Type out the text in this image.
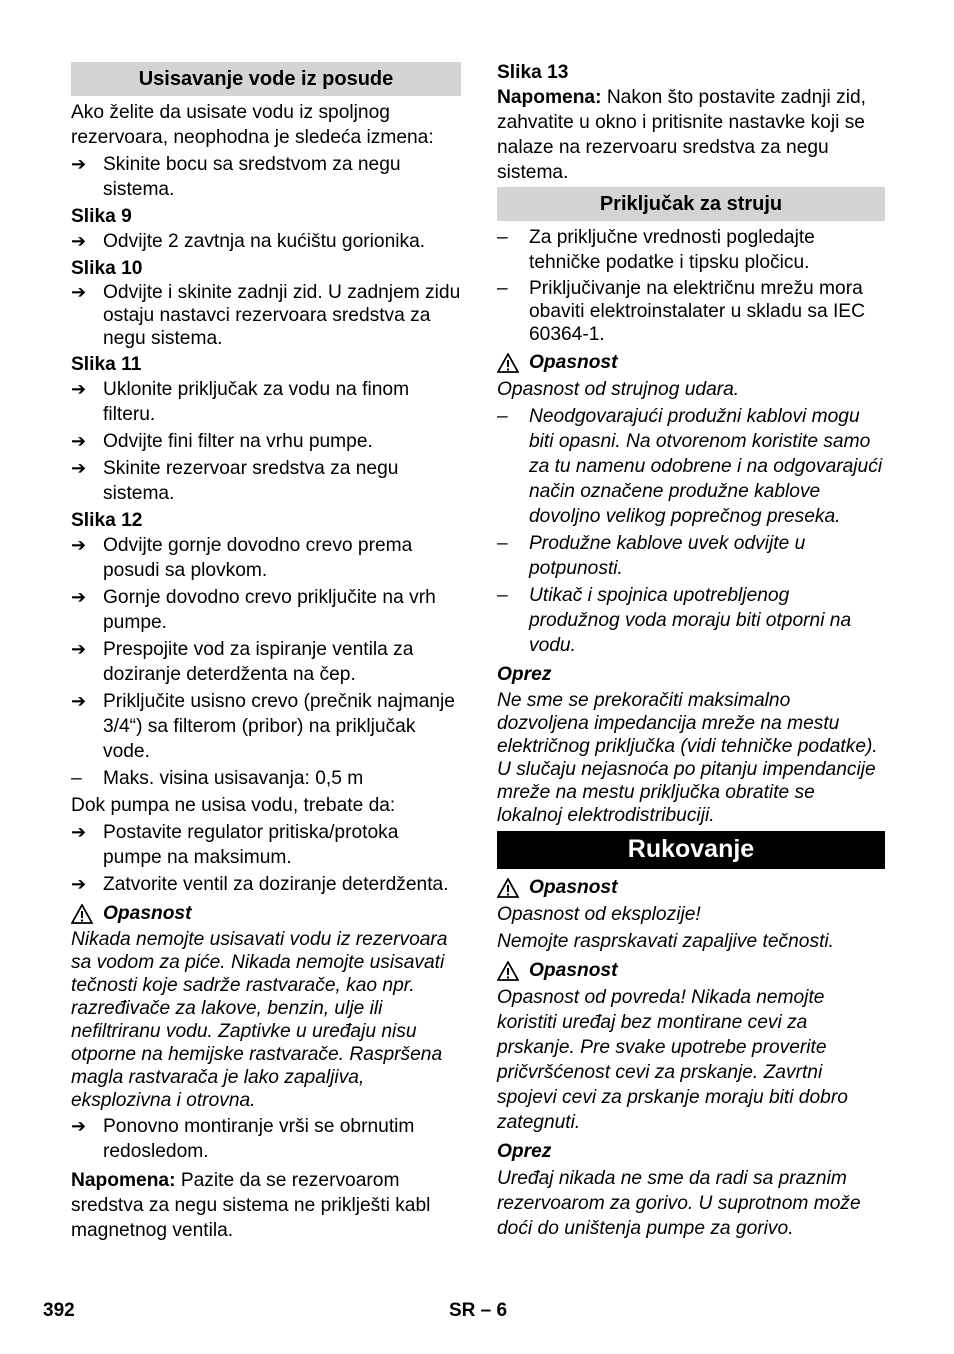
Usisavanje vode iz posude
Ako želite da usisate vodu iz spoljnog rezervoara, neophodna je sledeća izmena:
➔ Skinite bocu sa sredstvom za negu sistema.
Slika 9
➔ Odvijte 2 zavtnja na kućištu gorionika.
Slika 10
➔ Odvijte i skinite zadnji zid. U zadnjem zidu ostaju nastavci rezervoara sredstva za negu sistema.
Slika 11
➔ Uklonite priključak za vodu na finom filteru.
➔ Odvijte fini filter na vrhu pumpe.
➔ Skinite rezervoar sredstva za negu sistema.
Slika 12
➔ Odvijte gornje dovodno crevo prema posudi sa plovkom.
➔ Gornje dovodno crevo priključite na vrh pumpe.
➔ Prespojite vod za ispiranje ventila za doziranje deterdženta na čep.
➔ Priključite usisno crevo (prečnik najmanje 3/4“) sa filterom (pribor) na priključak vode.
–	Maks. visina usisavanja: 0,5 m
Dok pumpa ne usisa vodu, trebate da:
➔ Postavite regulator pritiska/protoka pumpe na maksimum.
➔ Zatvorite ventil za doziranje deterdženta.
Opasnost
Nikada nemojte usisavati vodu iz rezervoara sa vodom za piće. Nikada nemojte usisavati tečnosti koje sadrže rastvarače, kao npr. razređivače za lakove, benzin, ulje ili nefiltriranu vodu. Zaptivke u uređaju nisu otporne na hemijske rastvarače. Raspršena magla rastvarača je lako zapaljiva, eksplozivna i otrovna.
➔ Ponovno montiranje vrši se obrnutim redosledom.
Napomena: Pazite da se rezervoarom sredstva za negu sistema ne priklješti kabl magnetnog ventila.
Slika 13
Napomena: Nakon što postavite zadnji zid, zahvatite u okno i pritisnite nastavke koji se nalaze na rezervoaru sredstva za negu sistema.
Priključak za struju
–	Za priključne vrednosti pogledajte tehničke podatke i tipsku pločicu.
–	Priključivanje na električnu mrežu mora obaviti elektroinstalater u skladu sa IEC 60364-1.
Opasnost
Opasnost od strujnog udara.
–	Neodgovarajući produžni kablovi mogu biti opasni. Na otvorenom koristite samo za tu namenu odobrene i na odgovarajući način označene produžne kablove dovoljno velikog poprečnog preseka.
–	Produžne kablove uvek odvijte u potpunosti.
–	Utikač i spojnica upotrebljenog produžnog voda moraju biti otporni na vodu.
Oprez
Ne sme se prekoračiti maksimalno dozvoljena impedancija mreže na mestu električnog priključka (vidi tehničke podatke). U slučaju nejasnoća po pitanju impendancije mreže na mestu priključka obratite se lokalnoj elektrodistribuciji.
Rukovanje
Opasnost
Opasnost od eksplozije!
Nemojte rasprskavati zapaljive tečnosti.
Opasnost
Opasnost od povreda! Nikada nemojte koristiti uređaj bez montirane cevi za prskanje. Pre svake upotrebe proverite pričvršćenost cevi za prskanje. Zavrtni spojevi cevi za prskanje moraju biti dobro zategnuti.
Oprez
Uređaj nikada ne sme da radi sa praznim rezervoarom za gorivo. U suprotnom može doći do uništenja pumpe za gorivo.
392	SR – 6
